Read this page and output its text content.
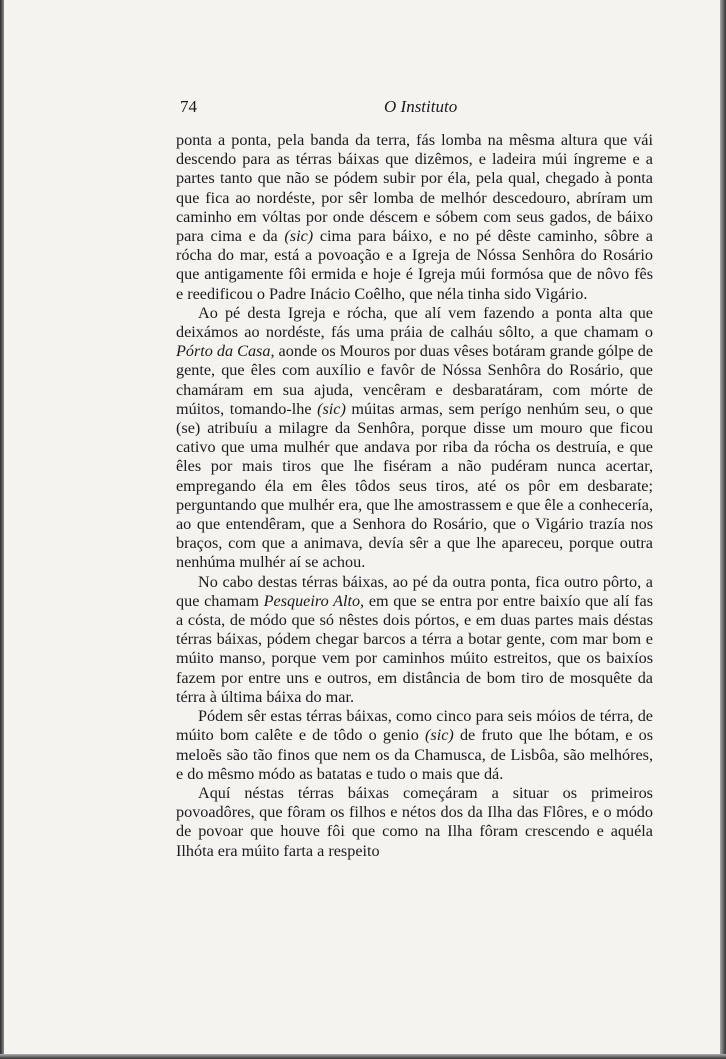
74	O Instituto

ponta a ponta, pela banda da terra, fás lomba na mêsma altura que vái descendo para as térras báixas que dizêmos, e ladeira múi íngreme e a partes tanto que não se pódem subir por éla, pela qual, chegado à ponta que fica ao nordéste, por sêr lomba de melhór descedouro, abríram um caminho em vóltas por onde déscem e sóbem com seus gados, de báixo para cima e da (sic) cima para báixo, e no pé dêste caminho, sôbre a rócha do mar, está a povoação e a Igreja de Nóssa Senhôra do Rosário que antigamente fôi ermida e hoje é Igreja múi formósa que de nôvo fês e reedificou o Padre Inácio Coêlho, que néla tinha sido Vigário.

Ao pé desta Igreja e rócha, que alí vem fazendo a ponta alta que deixámos ao nordéste, fás uma práia de calháu sôlto, a que chamam o Pórto da Casa, aonde os Mouros por duas vêses botáram grande gólpe de gente, que êles com auxílio e favôr de Nóssa Senhôra do Rosário, que chamáram em sua ajuda, vencêram e desbaratáram, com mórte de múitos, tomando-lhe (sic) múitas armas, sem perígo nenhúm seu, o que (se) atribuíu a milagre da Senhôra, porque disse um mouro que ficou cativo que uma mulhér que andava por riba da rócha os destruía, e que êles por mais tiros que lhe fiséram a não pudéram nunca acertar, empregando éla em êles tôdos seus tiros, até os pôr em desbarate; perguntando que mulhér era, que lhe amostrassem e que êle a conhecería, ao que entendêram, que a Senhora do Rosário, que o Vigário trazía nos braços, com que a animava, devía sêr a que lhe apareceu, porque outra nenhúma mulhér aí se achou.

No cabo destas térras báixas, ao pé da outra ponta, fica outro pôrto, a que chamam Pesqueiro Alto, em que se entra por entre baixío que alí fas a cósta, de módo que só nêstes dois pórtos, e em duas partes mais déstas térras báixas, pódem chegar barcos a térra a botar gente, com mar bom e múito manso, porque vem por caminhos múito estreitos, que os baixíos fazem por entre uns e outros, em distância de bom tiro de mosquête da térra à última báixa do mar.

Pódem sêr estas térras báixas, como cinco para seis móios de térra, de múito bom calête e de tôdo o genio (sic) de fruto que lhe bótam, e os meloẽs são tão finos que nem os da Chamusca, de Lisbôa, são melhóres, e do mêsmo módo as batatas e tudo o mais que dá.

Aquí néstas térras báixas começáram a situar os primeiros povoadôres, que fôram os filhos e nétos dos da Ilha das Flôres, e o módo de povoar que houve fôi que como na Ilha fôram crescendo e aquéla Ilhóta era múito farta a respeito
